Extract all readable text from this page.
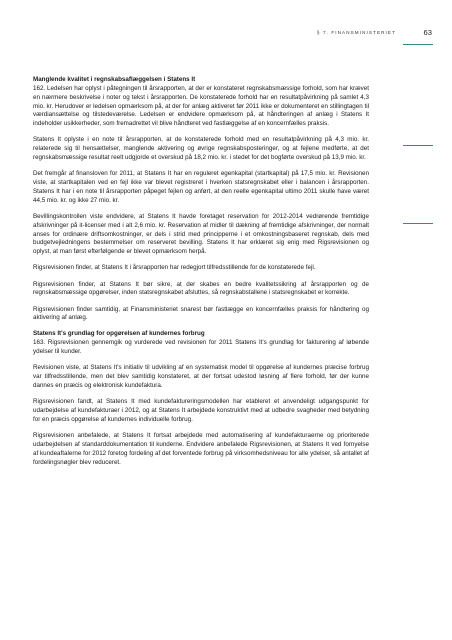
§ 7. FINANSMINISTERIET	63
Manglende kvalitet i regnskabsaflæggelsen i Statens It

162. Ledelsen har oplyst i påtegningen til årsrapporten, at der er konstateret regnskabsmæssige forhold, som har krævet en nærmere beskrivelse i noter og tekst i årsrapporten. De konstaterede forhold har en resultatpåvirkning på samlet 4,3 mio. kr. Herudover er ledelsen opmærksom på, at der for anlæg aktiveret før 2011 ikke er dokumenteret en stillingtagen til værdiansættelse og tilstedeværelse. Ledelsen er endvidere opmærksom på, at håndteringen af anlæg i Statens It indeholder usikkerheder, som fremadrettet vil blive håndteret ved fastlæggelse af en koncernfælles praksis.

Statens It oplyste i en note til årsrapporten, at de konstaterede forhold med en resultatpåvirkning på 4,3 mio. kr. relaterede sig til hensættelser, manglende aktivering og øvrige regnskabsposteringer, og at fejlene medførte, at det regnskabsmæssige resultat reelt udgjorde et overskud på 18,2 mio. kr. i stedet for det bogførte overskud på 13,9 mio. kr.

Det fremgår af finansloven for 2011, at Statens It har en reguleret egenkapital (startkapital) på 17,5 mio. kr. Revisionen viste, at startkapitalen ved en fejl ikke var blevet registreret i hverken statsregnskabet eller i balancen i årsrapporten. Statens It har i en note til årsrapporten påpeget fejlen og anført, at den reelle egenkapital ultimo 2011 skulle have været 44,5 mio. kr. og ikke 27 mio. kr.

Bevillingskontrollen viste endvidere, at Statens It havde foretaget reservation for 2012-2014 vedrørende fremtidige afskrivninger på it-licenser med i alt 2,6 mio. kr. Reservation af midler til dækning af fremtidige afskrivninger, der normalt anses for ordinære driftsomkostninger, er dels i strid med principperne i et omkostningsbaseret regnskab, dels med budgetvejledningens bestemmelser om reserveret bevilling. Statens It har erklæret sig enig med Rigsrevisionen og oplyst, at man først efterfølgende er blevet opmærksom herpå.

Rigsrevisionen finder, at Statens It i årsrapporten har redegjort tilfredsstillende for de konstaterede fejl.

Rigsrevisionen finder, at Statens It bør sikre, at der skabes en bedre kvalitetssikring af årsrapporten og de regnskabsmæssige opgørelser, inden statsregnskabet afsluttes, så regnskabstallene i statsregnskabet er korrekte.

Rigsrevisionen finder samtidig, at Finansministeriet snarest bør fastlægge en koncernfælles praksis for håndtering og aktivering af anlæg.

Statens It's grundlag for opgørelsen af kundernes forbrug

163. Rigsrevisionen gennemgik og vurderede ved revisionen for 2011 Statens It's grundlag for fakturering af løbende ydelser til kunder.

Revisionen viste, at Statens It's initiativ til udvikling af en systematisk model til opgørelse af kundernes præcise forbrug var tilfredsstillende, men det blev samtidig konstateret, at der fortsat udestod løsning af flere forhold, før der kunne dannes en præcis og elektronisk kundefaktura.

Rigsrevisionen fandt, at Statens It med kundefaktureringsmodellen har etableret et anvendeligt udgangspunkt for udarbejdelse af kundefakturaer i 2012, og at Statens It arbejdede konstruktivt med at udbedre svagheder med betydning for en præcis opgørelse af kundernes individuelle forbrug.

Rigsrevisionen anbefalede, at Statens It fortsat arbejdede med automatisering af kundefakturaerne og prioriterede udarbejdelsen af standarddokumentation til kunderne. Endvidere anbefalede Rigsrevisionen, at Statens It ved fornyelse af kundeaftalerne for 2012 foretog fordeling af det forventede forbrug på virksomhedsniveau for alle ydelser, så antallet af fordelingsnøgler blev reduceret.
